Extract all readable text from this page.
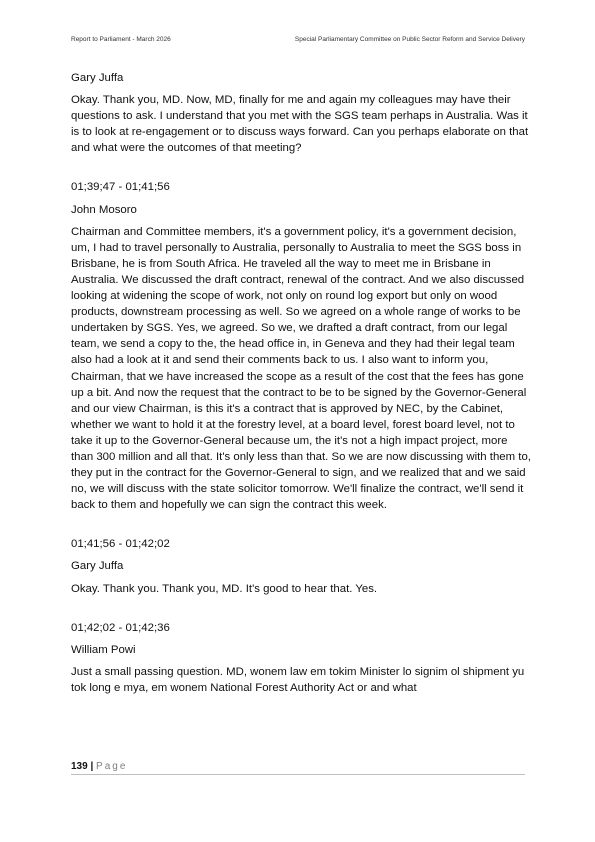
Report to Parliament - March 2026	Special Parliamentary Committee on Public Sector Reform and Service Delivery

Gary Juffa

Okay. Thank you, MD. Now, MD, finally for me and again my colleagues may have their questions to ask. I understand that you met with the SGS team perhaps in Australia. Was it is to look at re-engagement or to discuss ways forward. Can you perhaps elaborate on that and what were the outcomes of that meeting?

01;39;47 - 01;41;56

John Mosoro

Chairman and Committee members, it's a government policy, it's a government decision, um, I had to travel personally to Australia, personally to Australia to meet the SGS boss in Brisbane, he is from South Africa. He traveled all the way to meet me in Brisbane in Australia. We discussed the draft contract, renewal of the contract. And we also discussed looking at widening the scope of work, not only on round log export but only on wood products, downstream processing as well. So we agreed on a whole range of works to be undertaken by SGS. Yes, we agreed. So we, we drafted a draft contract, from our legal team, we send a copy to the, the head office in, in Geneva and they had their legal team also had a look at it and send their comments back to us. I also want to inform you, Chairman, that we have increased the scope as a result of the cost that the fees has gone up a bit. And now the request that the contract to be to be signed by the Governor-General and our view Chairman, is this it's a contract that is approved by NEC, by the Cabinet, whether we want to hold it at the forestry level, at a board level, forest board level, not to take it up to the Governor-General because um, the it's not a high impact project, more than 300 million and all that. It's only less than that. So we are now discussing with them to, they put in the contract for the Governor-General to sign, and we realized that and we said no, we will discuss with the state solicitor tomorrow. We'll finalize the contract, we'll send it back to them and hopefully we can sign the contract this week.

01;41;56 - 01;42;02

Gary Juffa

Okay. Thank you. Thank you, MD. It's good to hear that. Yes.

01;42;02 - 01;42;36

William Powi

Just a small passing question. MD, wonem law em tokim Minister lo signim ol shipment yu tok long e mya, em wonem National Forest Authority Act or and what

139 | Page
